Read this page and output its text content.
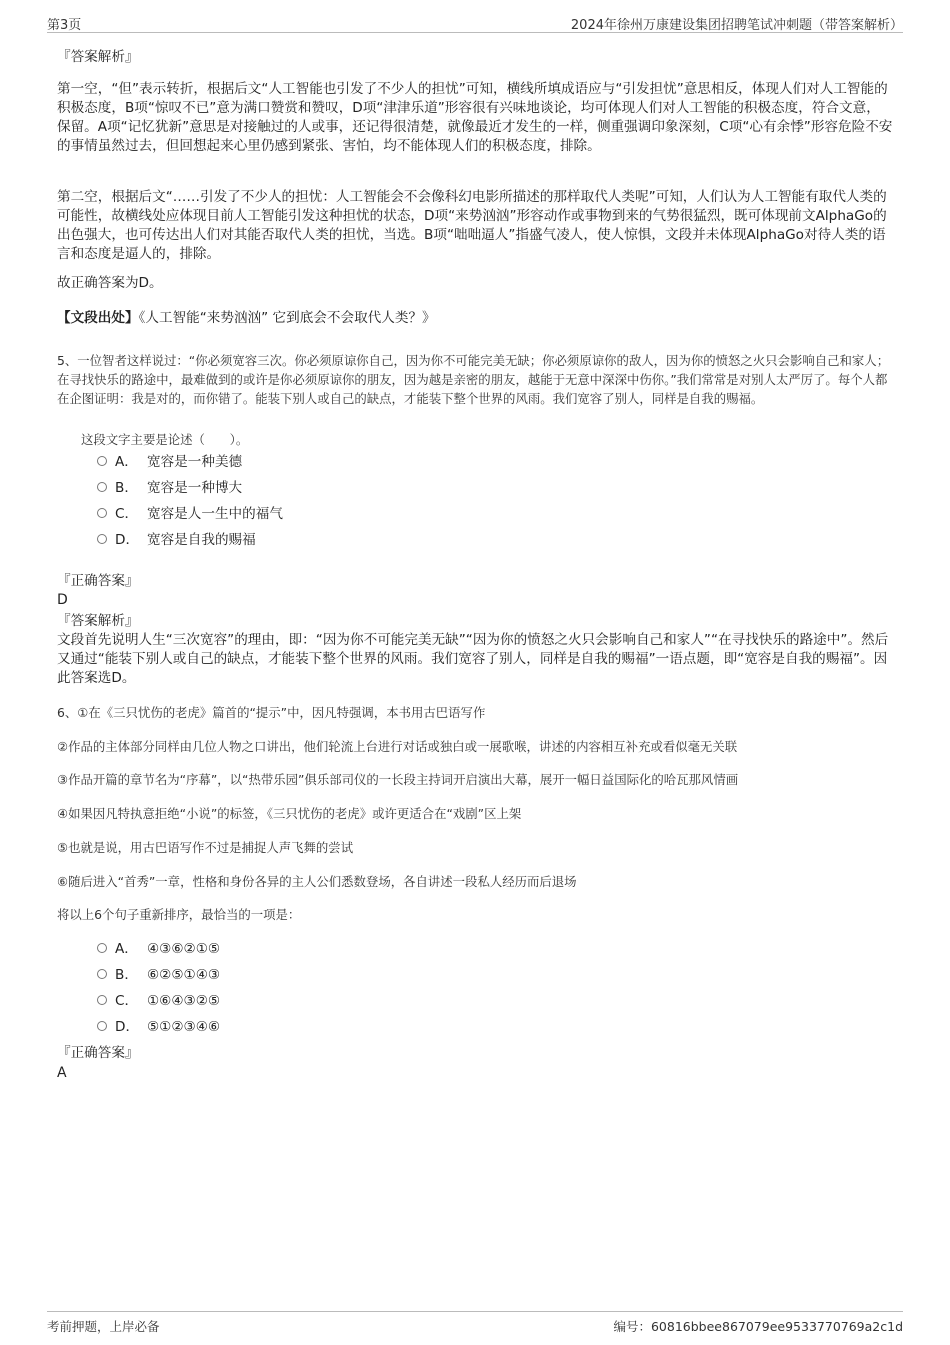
第3页	2024年徐州万康建设集团招聘笔试冲刺题（带答案解析）
『答案解析』
第一空，“但”表示转折，根据后文“人工智能也引发了不少人的担忧”可知，横线所填成语应与“引发担忧”意思相反，体现人们对人工智能的积极态度，B项“惊叹不已”意为满口赞赏和赞叹，D项“津津乐道”形容很有兴味地谈论，均可体现人们对人工智能的积极态度，符合文意，保留。A项“记忆犹新”意思是对接触过的人或事，还记得很清楚，就像最近才发生的一样，侧重强调印象深刻，C项“心有余悸”形容危险不安的事情虽然过去，但回想起来心里仍感到紧张、害怕，均不能体现人们的积极态度，排除。
第二空，根据后文“……引发了不少人的担忧：人工智能会不会像科幻电影所描述的那样取代人类呢”可知，人们认为人工智能有取代人类的可能性，故横线处应体现目前人工智能引发这种担忧的状态，D项“来势汹汹”形容动作或事物到来的气势很猛烈，既可体现前文AlphaGo的出色强大，也可传达出人们对其能否取代人类的担忧，当选。B项“咄咄逼人”指盛气凌人，使人惊惧，文段并未体现AlphaGo对待人类的语言和态度是逼人的，排除。
故正确答案为D。
【文段出处】《人工智能“来势汹汹” 它到底会不会取代人类？》
5、一位智者这样说过：“你必须宽容三次。你必须原谅你自己，因为你不可能完美无缺；你必须原谅你的敌人，因为你的愤怒之火只会影响自己和家人；在寻找快乐的路途中，最难做到的或许是你必须原谅你的朋友，因为越是亲密的朋友，越能于无意中深深中伤你。”我们常常是对别人太严厉了。每个人都在企图证明：我是对的，而你错了。能装下别人或自己的缺点，才能装下整个世界的风雨。我们宽容了别人，同样是自我的赐福。
这段文字主要是论述（　　）。
A． 宽容是一种美德
B． 宽容是一种博大
C． 宽容是人一生中的福气
D． 宽容是自我的赐福
『正确答案』
D
『答案解析』
文段首先说明人生“三次宽容”的理由，即：“因为你不可能完美无缺”“因为你的愤怒之火只会影响自己和家人”“在寻找快乐的路途中”。然后又通过“能装下别人或自己的缺点，才能装下整个世界的风雨。我们宽容了别人，同样是自我的赐福”一语点题，即“宽容是自我的赐福”。因此答案选D。
6、①在《三只忧伤的老虎》篇首的“提示”中，因凡特强调，本书用古巴语写作
②作品的主体部分同样由几位人物之口讲出，他们轮流上台进行对话或独白或一展歌喉，讲述的内容相互补充或看似毫无关联
③作品开篇的章节名为“序幕”，以“热带乐园”俱乐部司仪的一长段主持词开启演出大幕，展开一幅日益国际化的哈瓦那风情画
④如果因凡特执意拒绝“小说”的标签，《三只忧伤的老虎》或许更适合在“戏剧”区上架
⑤也就是说，用古巴语写作不过是捕捉人声飞舞的尝试
⑥随后进入“首秀”一章，性格和身份各异的主人公们悉数登场，各自讲述一段私人经历而后退场
将以上6个句子重新排序，最恰当的一项是：
A． ④③⑥②①⑤
B． ⑥②⑤①④③
C． ①⑥④③②⑤
D． ⑤①②③④⑥
『正确答案』
A
考前押题，上岸必备	编号：60816bbee867079ee9533770769a2c1d
